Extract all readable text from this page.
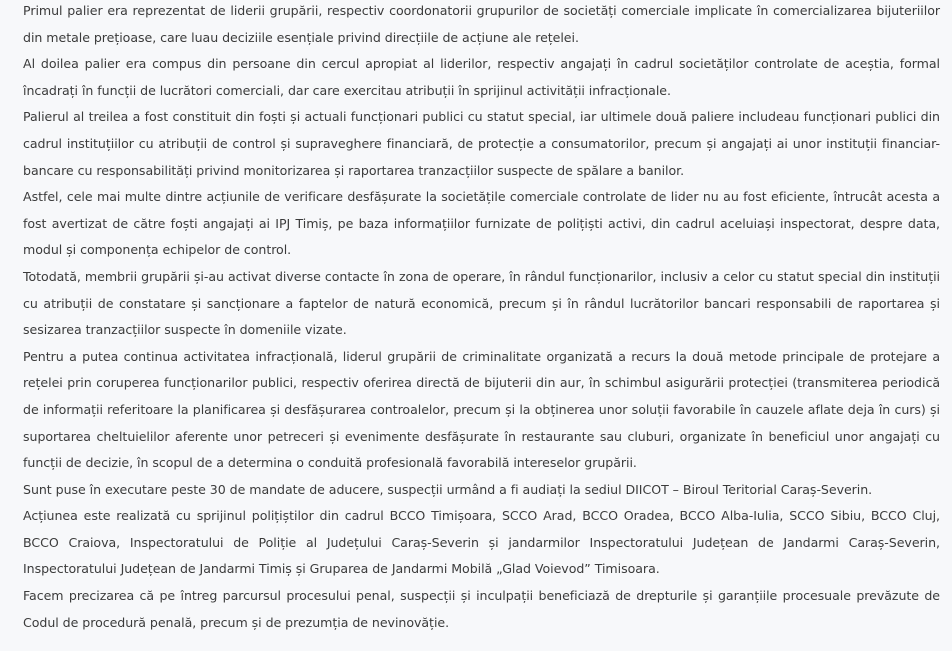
Primul palier era reprezentat de liderii grupării, respectiv coordonatorii grupurilor de societăți comerciale implicate în comercializarea bijuteriilor din metale prețioase, care luau deciziile esențiale privind direcțiile de acțiune ale rețelei.

Al doilea palier era compus din persoane din cercul apropiat al liderilor, respectiv angajați în cadrul societăților controlate de aceștia, formal încadrați în funcții de lucrători comerciali, dar care exercitau atribuții în sprijinul activității infracționale.

Palierul al treilea a fost constituit din foști și actuali funcționari publici cu statut special, iar ultimele două paliere includeau funcționari publici din cadrul instituțiilor cu atribuții de control și supraveghere financiară, de protecție a consumatorilor, precum și angajați ai unor instituții financiar-bancare cu responsabilități privind monitorizarea și raportarea tranzacțiilor suspecte de spălare a banilor.

Astfel, cele mai multe dintre acțiunile de verificare desfășurate la societățile comerciale controlate de lider nu au fost eficiente, întrucât acesta a fost avertizat de către foști angajați ai IPJ Timiș, pe baza informațiilor furnizate de polițiști activi, din cadrul aceluiași inspectorat, despre data, modul și componența echipelor de control.

Totodată, membrii grupării și-au activat diverse contacte în zona de operare, în rândul funcționarilor, inclusiv a celor cu statut special din instituții cu atribuții de constatare și sancționare a faptelor de natură economică, precum și în rândul lucrătorilor bancari responsabili de raportarea și sesizarea tranzacțiilor suspecte în domeniile vizate.

Pentru a putea continua activitatea infracțională, liderul grupării de criminalitate organizată a recurs la două metode principale de protejare a rețelei prin coruperea funcționarilor publici, respectiv oferirea directă de bijuterii din aur, în schimbul asigurării protecției (transmiterea periodică de informații referitoare la planificarea și desfășurarea controalelor, precum și la obținerea unor soluții favorabile în cauzele aflate deja în curs) și suportarea cheltuielilor aferente unor petreceri și evenimente desfășurate în restaurante sau cluburi, organizate în beneficiul unor angajați cu funcții de decizie, în scopul de a determina o conduită profesională favorabilă intereselor grupării.

Sunt puse în executare peste 30 de mandate de aducere, suspecții urmând a fi audiați la sediul DIICOT – Biroul Teritorial Caraș-Severin.

Acțiunea este realizată cu sprijinul polițiștilor din cadrul BCCO Timișoara, SCCO Arad, BCCO Oradea, BCCO Alba-Iulia, SCCO Sibiu, BCCO Cluj, BCCO Craiova, Inspectoratului de Poliție al Județului Caraș-Severin și jandarmilor Inspectoratului Județean de Jandarmi Caraș-Severin, Inspectoratului Județean de Jandarmi Timiș și Gruparea de Jandarmi Mobilă „Glad Voievod” Timisoara.

Facem precizarea că pe întreg parcursul procesului penal, suspecții și inculpații beneficiază de drepturile și garanțiile procesuale prevăzute de Codul de procedură penală, precum și de prezumția de nevinovăție.
